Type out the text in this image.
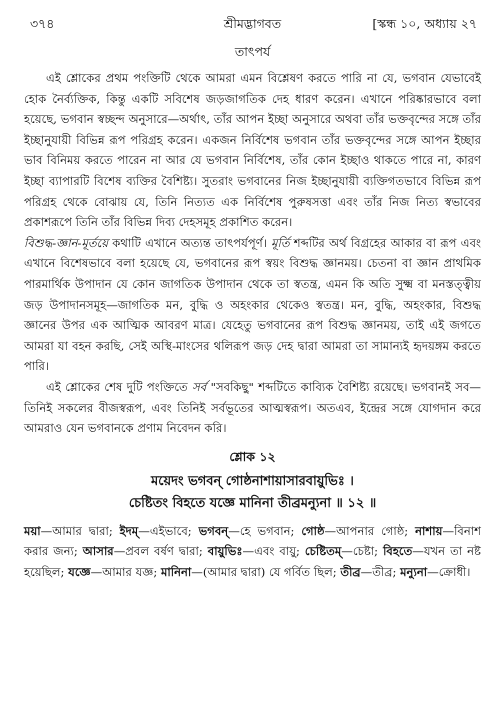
৩৭৪	শ্রীমদ্ভাগবত	[স্কন্ধ ১০, অধ্যায় ২৭
তাৎপর্য

এই শ্লোকের প্রথম পংক্তিটি থেকে আমরা এমন বিশ্লেষণ করতে পারি না যে, ভগবান যেভাবেই হোক নৈর্ব্যক্তিক, কিন্তু একটি সবিশেষ জড়জাগতিক দেহ ধারণ করেন। এখানে পরিষ্কারভাবে বলা হয়েছে, ভগবান স্বচ্ছন্দ অনুসারে—অর্থাৎ, তাঁর আপন ইচ্ছা অনুসারে অথবা তাঁর ভক্তবৃন্দের সঙ্গে তাঁর ইচ্ছানুযায়ী বিভিন্ন রূপ পরিগ্রহ করেন। একজন নির্বিশেষ ভগবান তাঁর ভক্তবৃন্দের সঙ্গে আপন ইচ্ছার ভাব বিনিময় করতে পারেন না আর যে ভগবান নির্বিশেষ, তাঁর কোন ইচ্ছাও থাকতে পারে না, কারণ ইচ্ছা ব্যাপারটি বিশেষ ব্যক্তির বৈশিষ্ট্য। সুতরাং ভগবানের নিজ ইচ্ছানুযায়ী ব্যক্তিগতভাবে বিভিন্ন রূপ পরিগ্রহ থেকে বোঝায় যে, তিনি নিত্যত এক নির্বিশেষ পুরুষসত্তা এবং তাঁর নিজ নিত্য স্বভাবের প্রকাশরূপে তিনি তাঁর বিভিন্ন দিব্য দেহসমূহ প্রকাশিত করেন।

বিশুদ্ধ-জ্ঞান-মূর্তয়ে কথাটি এখানে অত্যন্ত তাৎপর্যপূর্ণ। মূর্তি শব্দটির অর্থ বিগ্রহের আকার বা রূপ এবং এখানে বিশেষভাবে বলা হয়েছে যে, ভগবানের রূপ স্বয়ং বিশুদ্ধ জ্ঞানময়। চেতনা বা জ্ঞান প্রাথমিক পারমার্থিক উপাদান যে কোন জাগতিক উপাদান থেকে তা স্বতন্ত্র, এমন কি অতি সুক্ষ্ম বা মনস্তত্ত্বীয় জড় উপাদানসমূহ—জাগতিক মন, বুদ্ধি ও অহংকার থেকেও স্বতন্ত্র। মন, বুদ্ধি, অহংকার, বিশুদ্ধ জ্ঞানের উপর এক আত্মিক আবরণ মাত্র। যেহেতু ভগবানের রূপ বিশুদ্ধ জ্ঞানময়, তাই এই জগতে আমরা যা বহন করছি, সেই অস্থি-মাংসের থলিরূপ জড় দেহ দ্বারা আমরা তা সামান্যই হৃদয়ঙ্গম করতে পারি।

এই শ্লোকের শেষ দুটি পংক্তিতে সর্ব "সবকিছু" শব্দটিতে কাব্যিক বৈশিষ্ট্য রয়েছে। ভগবানই সব—তিনিই সকলের বীজস্বরূপ, এবং তিনিই সর্বভূতের আত্মস্বরূপ। অতএব, ইন্দ্রের সঙ্গে যোগদান করে আমরাও যেন ভগবানকে প্রণাম নিবেদন করি।

শ্লোক ১২

ময়েদং ভগবন্ গোষ্ঠনাশায়াসারবায়ুভিঃ ।

চেষ্টিতং বিহতে যজ্ঞে মানিনা তীব্রমন্যুনা ॥ ১২ ॥

ময়া—আমার দ্বারা; ইদম্—এইভাবে; ভগবন্—হে ভগবান; গোষ্ঠ—আপনার গোষ্ঠ; নাশায়—বিনাশ করার জন্য; আসার—প্রবল বর্ষণ দ্বারা; বায়ুভিঃ—এবং বায়ু; চেষ্টিতম্—চেষ্টা; বিহতে—যখন তা নষ্ট হয়েছিল; যজ্ঞে—আমার যজ্ঞ; মানিনা—(আমার দ্বারা) যে গর্বিত ছিল; তীব্র—তীব্র; মন্যুনা—ক্রোধী।
